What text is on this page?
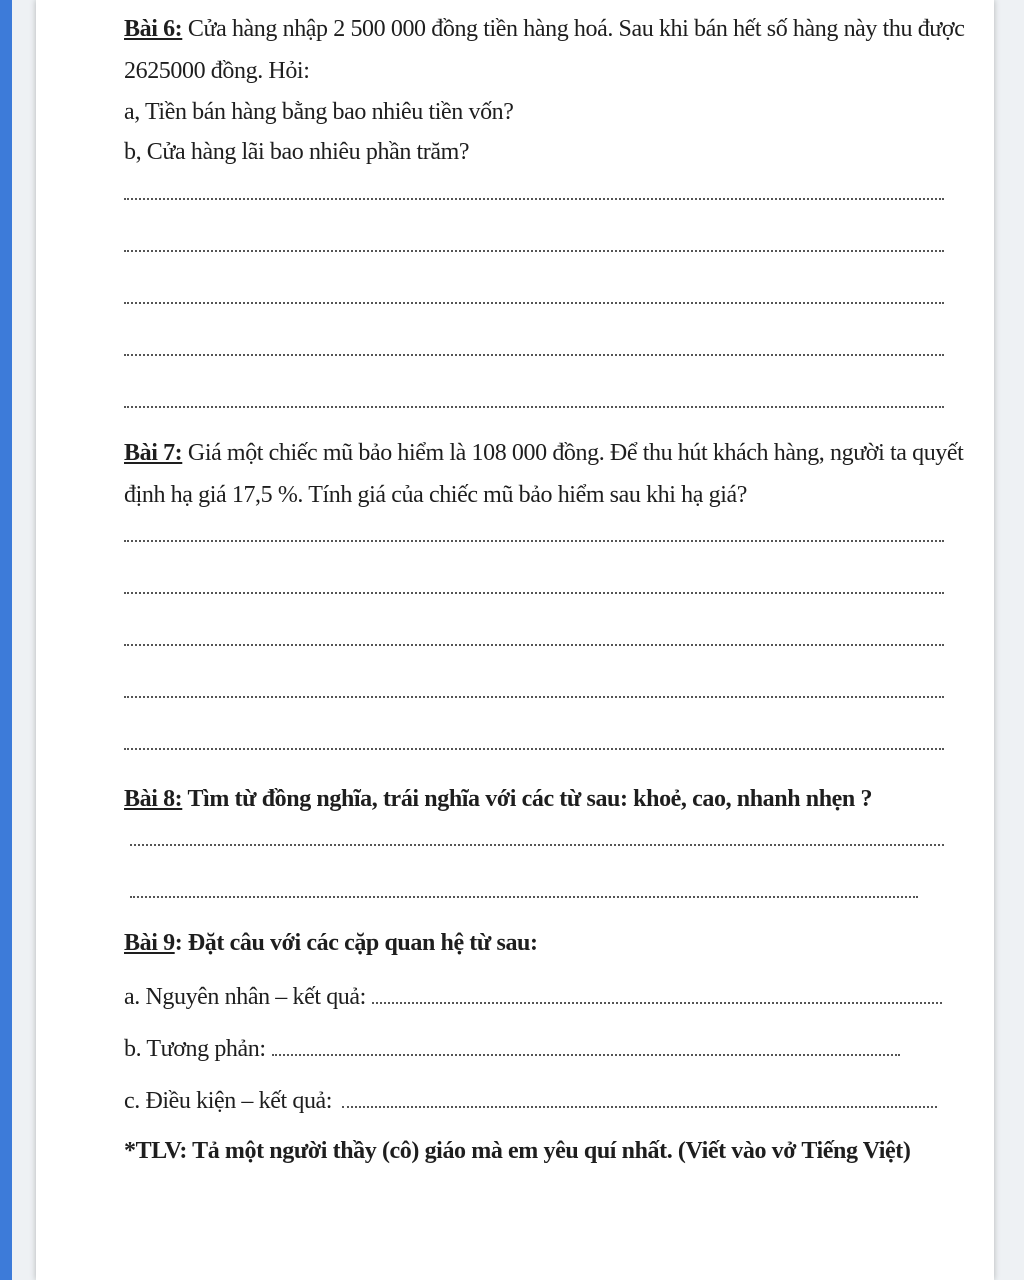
Bài 6: Cửa hàng nhập 2 500 000 đồng tiền hàng hoá. Sau khi bán hết số hàng này thu được
2625000 đồng. Hỏi:
a, Tiền bán hàng bằng bao nhiêu tiền vốn?
b, Cửa hàng lãi bao nhiêu phần trăm?
Bài 7: Giá một chiếc mũ bảo hiểm là 108 000 đồng. Để thu hút khách hàng, người ta quyết
định hạ giá 17,5 %. Tính giá của chiếc mũ bảo hiểm sau khi hạ giá?
Bài 8: Tìm từ đồng nghĩa, trái nghĩa với các từ sau: khoẻ, cao, nhanh nhẹn ?
Bài 9: Đặt câu với các cặp quan hệ từ sau:
a. Nguyên nhân – kết quả:
b. Tương phản:
c. Điều kiện – kết quả:
*TLV: Tả một người thầy (cô) giáo mà em yêu quí nhất. (Viết vào vở Tiếng Việt)
